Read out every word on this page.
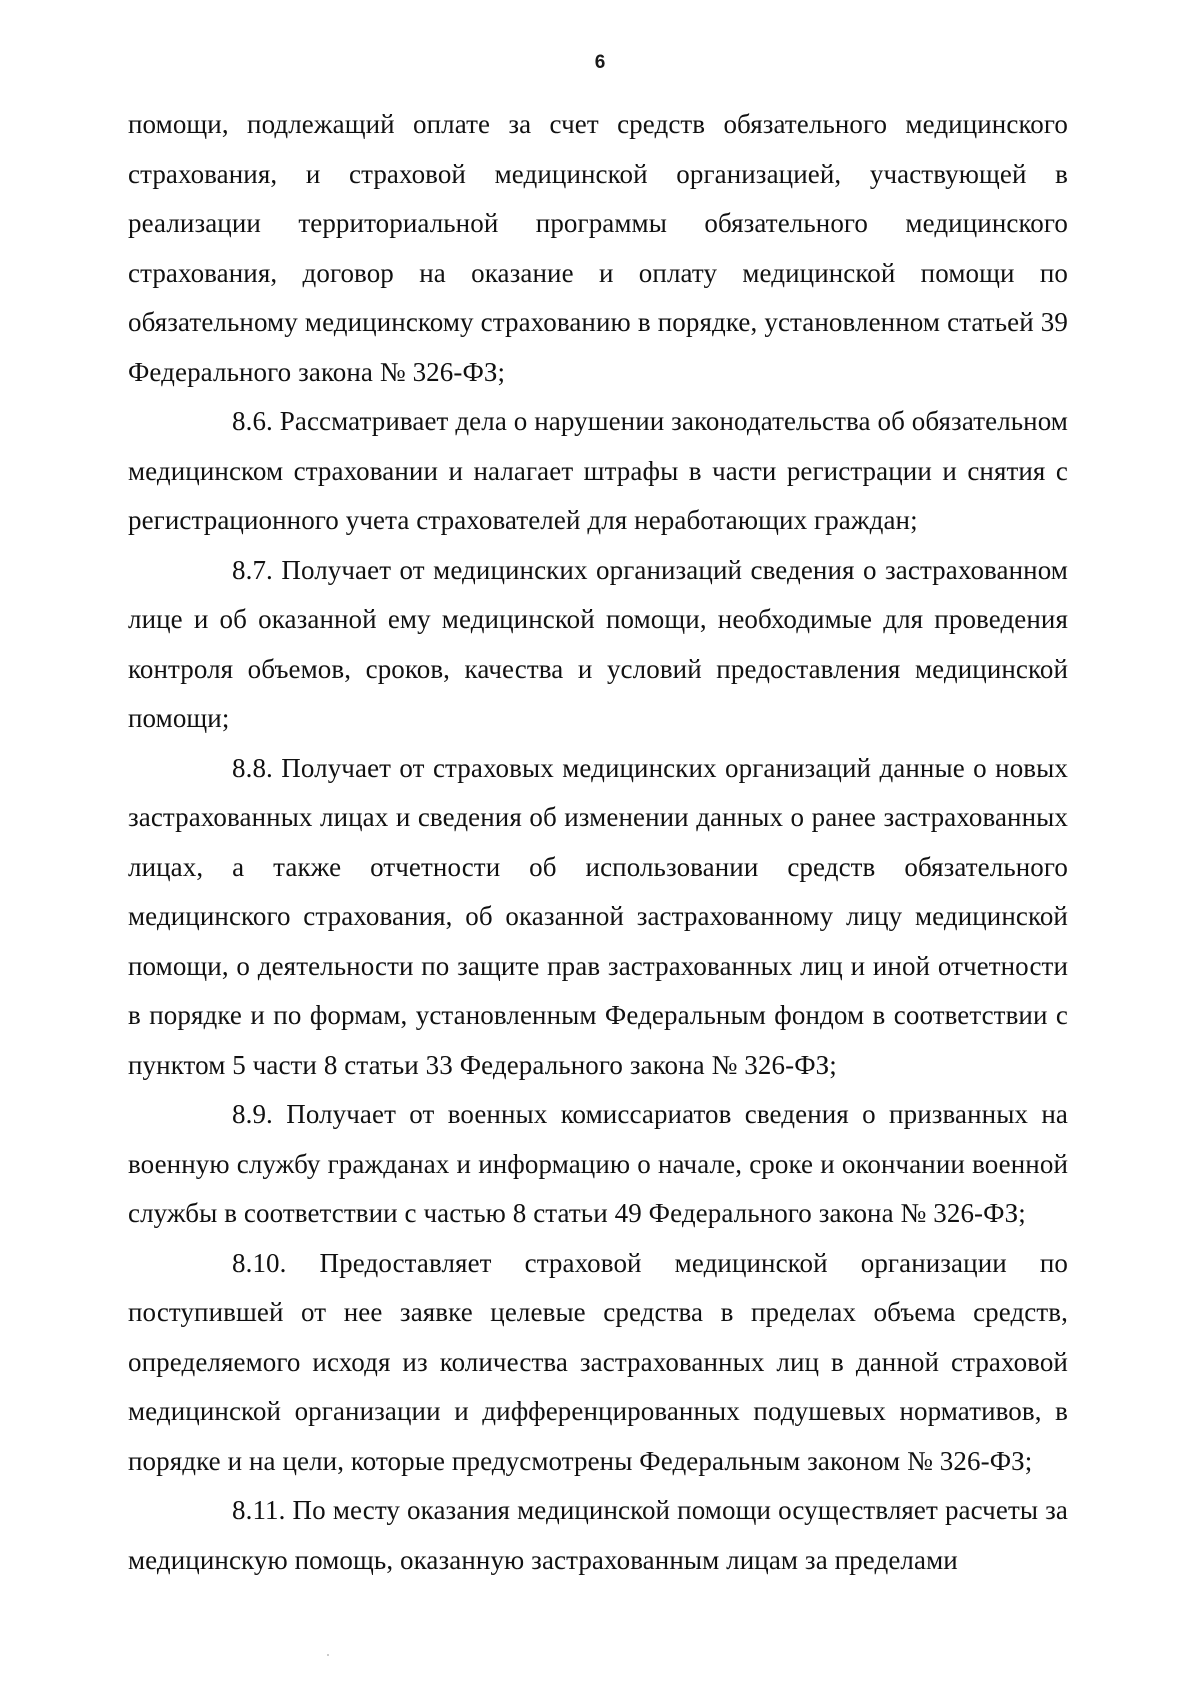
6

помощи, подлежащий оплате за счет средств обязательного медицинского страхования, и страховой медицинской организацией, участвующей в реализации территориальной программы обязательного медицинского страхования, договор на оказание и оплату медицинской помощи по обязательному медицинскому страхованию в порядке, установленном статьей 39 Федерального закона № 326-ФЗ;

8.6. Рассматривает дела о нарушении законодательства об обязательном медицинском страховании и налагает штрафы в части регистрации и снятия с регистрационного учета страхователей для неработающих граждан;

8.7. Получает от медицинских организаций сведения о застрахованном лице и об оказанной ему медицинской помощи, необходимые для проведения контроля объемов, сроков, качества и условий предоставления медицинской помощи;

8.8. Получает от страховых медицинских организаций данные о новых застрахованных лицах и сведения об изменении данных о ранее застрахованных лицах, а также отчетности об использовании средств обязательного медицинского страхования, об оказанной застрахованному лицу медицинской помощи, о деятельности по защите прав застрахованных лиц и иной отчетности в порядке и по формам, установленным Федеральным фондом в соответствии с пунктом 5 части 8 статьи 33 Федерального закона № 326-ФЗ;

8.9. Получает от военных комиссариатов сведения о призванных на военную службу гражданах и информацию о начале, сроке и окончании военной службы в соответствии с частью 8 статьи 49 Федерального закона № 326-ФЗ;

8.10. Предоставляет страховой медицинской организации по поступившей от нее заявке целевые средства в пределах объема средств, определяемого исходя из количества застрахованных лиц в данной страховой медицинской организации и дифференцированных подушевых нормативов, в порядке и на цели, которые предусмотрены Федеральным законом № 326-ФЗ;

8.11. По месту оказания медицинской помощи осуществляет расчеты за медицинскую помощь, оказанную застрахованным лицам за пределами
